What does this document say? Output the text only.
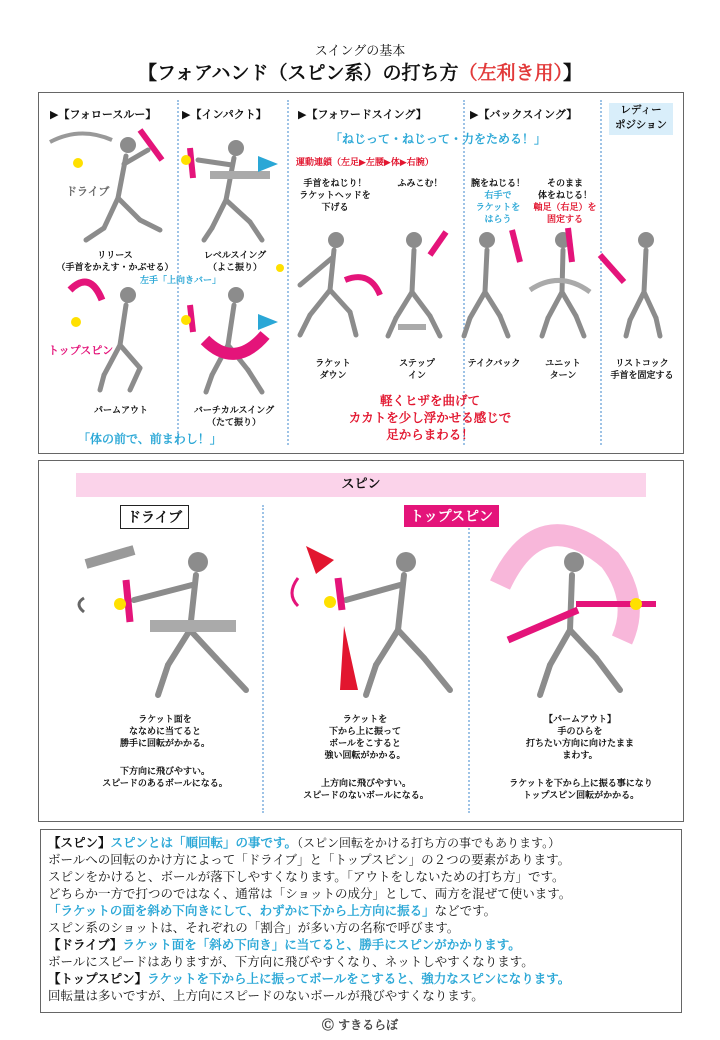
スイングの基本
【フォアハンド（スピン系）の打ち方（左利き用）】
▶【フォロースルー】 ▶【インパクト】	▶【フォワードスイング】	▶【バックスイング】	レディー
ポジション
「ねじって・ねじって・力をためる！」
運動連鎖（左足▶左腰▶体▶右腕）
ドライブ
リリース
（手首をかえす・かぶせる）
レベルスイング
（よこ振り）
左手「上向きバー」
トップスピン
パームアウト	バーチカルスイング
（たて振り）
「体の前で、前まわし！」
手首をねじり！
ラケットヘッドを
下げる
ふみこむ！	腕をねじる！
右手で
ラケットを
はらう
そのまま
体をねじる！
軸足（右足）を
固定する
ラケット
ダウン
ステップ
イン
テイクバック	ユニット
ターン
リストコック
手首を固定する
軽くヒザを曲げて
カカトを少し浮かせる感じで
足からまわる！
スピン
ドライブ	トップスピン
ラケット面を
ななめに当てると
勝手に回転がかかる。
下方向に飛びやすい。
スピードのあるボールになる。
ラケットを
下から上に振って
ボールをこすると
強い回転がかかる。
上方向に飛びやすい。
スピードのないボールになる。
【パームアウト】
手のひらを
打ちたい方向に向けたまま
まわす。
ラケットを下から上に振る事になり
トップスピン回転がかかる。
【スピン】スピンとは「順回転」の事です。（スピン回転をかける打ち方の事でもあります。）
ボールへの回転のかけ方によって「ドライブ」と「トップスピン」の２つの要素があります。
スピンをかけると、ボールが落下しやすくなります。「アウトをしないための打ち方」です。
どちらか一方で打つのではなく、通常は「ショットの成分」として、両方を混ぜて使います。
「ラケットの面を斜め下向きにして、わずかに下から上方向に振る」などです。
スピン系のショットは、それぞれの「割合」が多い方の名称で呼びます。
【ドライブ】ラケット面を「斜め下向き」に当てると、勝手にスピンがかかります。
ボールにスピードはありますが、下方向に飛びやすくなり、ネットしやすくなります。
【トップスピン】ラケットを下から上に振ってボールをこすると、強力なスピンになります。
回転量は多いですが、上方向にスピードのないボールが飛びやすくなります。
Ⓒ すきるらぼ
